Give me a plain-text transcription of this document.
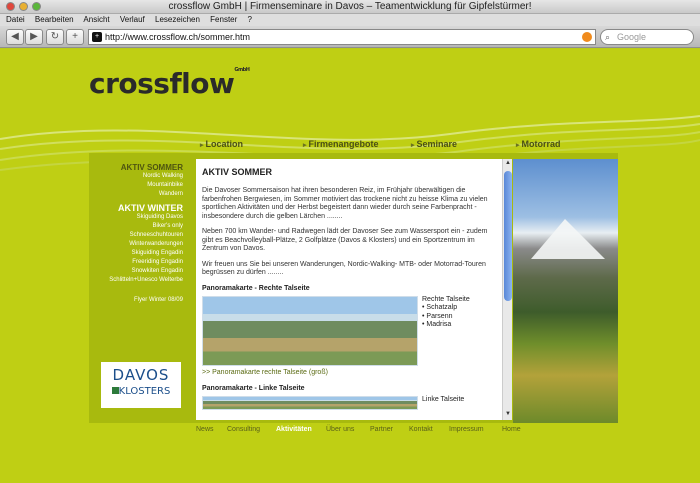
crossflow GmbH | Firmenseminare in Davos – Teamentwicklung für Gipfelstürmer!
Datei Bearbeiten Ansicht Verlauf Lesezeichen Fenster ?
◀	▶	↻	+	+ http://www.crossflow.ch/sommer.htm	⌕ Google
crossflow$^{GmbH}$
▸ Location	▸ Firmenangebote	▸ Seminare	▸ Motorrad
AKTIV SOMMER
Nordic Walking
Mountainbike
Wandern
AKTIV WINTER
Skiguiding Davos
Biker's only
Schneeschuhtouren
Winterwanderungen
Skiguiding Engadin
Freeriding Engadin
Snowkiten Engadin
Schlitteln+Unesco Welterbe
Flyer Winter 08/09
DAVOS
KLOSTERS
AKTIV SOMMER

Die Davoser Sommersaison hat ihren besonderen Reiz, im Frühjahr überwältigen die farbenfrohen Bergwiesen, im Sommer motiviert das trockene nicht zu heisse Klima zu vielen sportlichen Aktivitäten und der Herbst begeistert dann wieder durch seine Farbenpracht - insbesondere durch die gelben Lärchen ........

Neben 700 km Wander- und Radwegen lädt der Davoser See zum Wassersport ein - zudem gibt es Beachvolleyball-Plätze, 2 Golfplätze (Davos & Klosters) und ein Sportzentrum im Zentrum von Davos.

Wir freuen uns Sie bei unseren Wanderungen, Nordic-Walking- MTB- oder Motorrad-Touren begrüssen zu dürfen ........

Panoramakarte - Rechte Talseite
Rechte Talseite
• Schatzalp
• Parsenn
• Madrisa
>> Panoramakarte rechte Talseite (groß)
Panoramakarte - Linke Talseite
Linke Talseite
▲
▼
News Consulting Aktivitäten Über uns Partner Kontakt Impressum	Home
